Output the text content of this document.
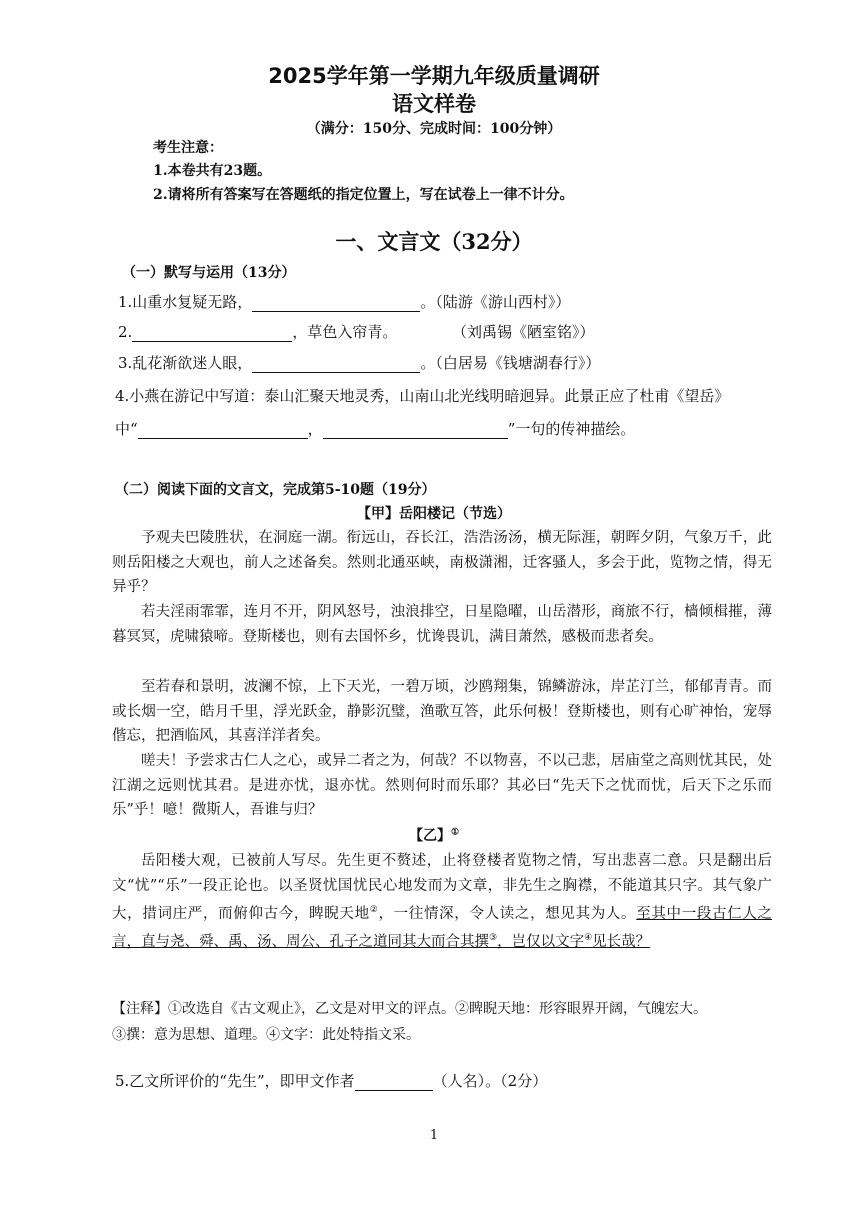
2025学年第一学期九年级质量调研
语文样卷
（满分：150分、完成时间：100分钟）
考生注意：
1.本卷共有23题。
2.请将所有答案写在答题纸的指定位置上，写在试卷上一律不计分。
一、文言文（32分）
（一）默写与运用（13分）
1.山重水复疑无路，	。（陆游《游山西村》）
2.	，草色入帘青。	（刘禹锡《陋室铭》）
3.乱花渐欲迷人眼，	。（白居易《钱塘湖春行》）
4.小燕在游记中写道：泰山汇聚天地灵秀，山南山北光线明暗迥异。此景正应了杜甫《望岳》
中“	，	”一句的传神描绘。
（二）阅读下面的文言文，完成第5-10题（19分）
【甲】岳阳楼记（节选）
予观夫巴陵胜状，在洞庭一湖。衔远山，吞长江，浩浩汤汤，横无际涯，朝晖夕阴，气象万千，此则岳阳楼之大观也，前人之述备矣。然则北通巫峡，南极潇湘，迁客骚人，多会于此，览物之情，得无异乎？
若夫淫雨霏霏，连月不开，阴风怒号，浊浪排空，日星隐曜，山岳潜形，商旅不行，樯倾楫摧，薄暮冥冥，虎啸猿啼。登斯楼也，则有去国怀乡，忧谗畏讥，满目萧然，感极而悲者矣。
至若春和景明，波澜不惊，上下天光，一碧万顷，沙鸥翔集，锦鳞游泳，岸芷汀兰，郁郁青青。而或长烟一空，皓月千里，浮光跃金，静影沉璧，渔歌互答，此乐何极！登斯楼也，则有心旷神怡，宠辱偕忘，把酒临风，其喜洋洋者矣。
嗟夫！予尝求古仁人之心，或异二者之为，何哉？不以物喜，不以己悲，居庙堂之高则忧其民，处江湖之远则忧其君。是进亦忧，退亦忧。然则何时而乐耶？其必曰“先天下之忧而忧，后天下之乐而乐”乎！噫！微斯人，吾谁与归？
【乙】①
岳阳楼大观，已被前人写尽。先生更不赘述，止将登楼者览物之情，写出悲喜二意。只是翻出后文“忧”“乐”一段正论也。以圣贤忧国忧民心地发而为文章，非先生之胸襟，不能道其只字。其气象广大，措词庄严，而俯仰古今，睥睨天地②，一往情深，令人读之，想见其为人。至其中一段古仁人之言，直与尧、舜、禹、汤、周公、孔子之道同其大而合其撰③，岂仅以文字④见长哉？
【注释】①改选自《古文观止》，乙文是对甲文的评点。②睥睨天地：形容眼界开阔，气魄宏大。
③撰：意为思想、道理。④文字：此处特指文采。
5.乙文所评价的“先生”，即甲文作者	（人名）。（2分）
1
